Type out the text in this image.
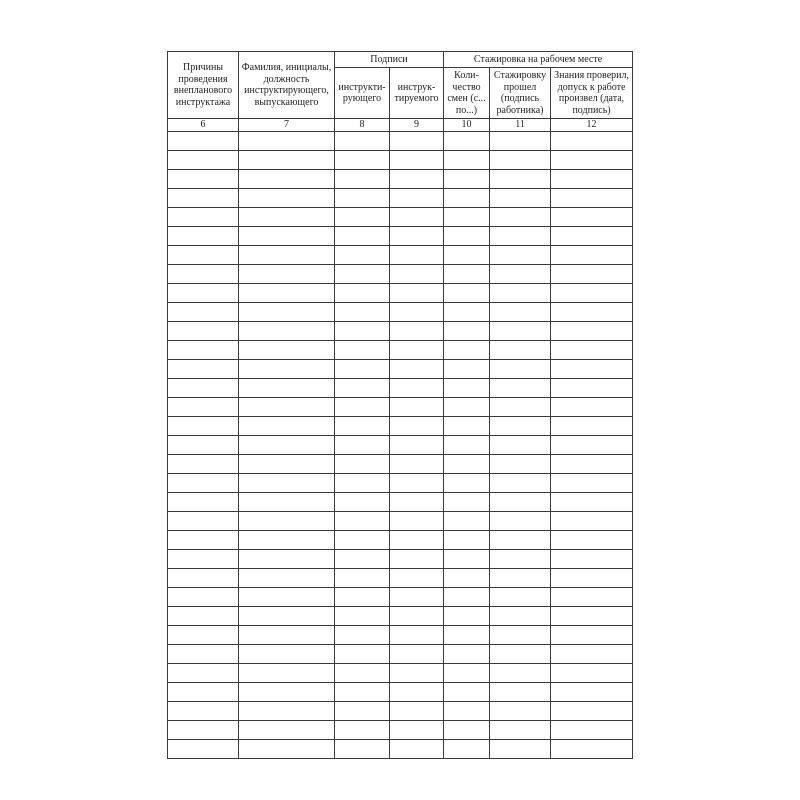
Причины проведения внепланового инструктажа	Фамилия, инициалы, должность инструктирующего, выпускающего	Подписи		Стажировка на рабочем месте		

		инструкти-рующего	инструк-тируемого	Коли-чество смен (с... по...)	Стажировку прошел (подпись работника)	Знания проверил, допуск к работе произвел (дата, подпись)

6	7	8	9	10	11	12
